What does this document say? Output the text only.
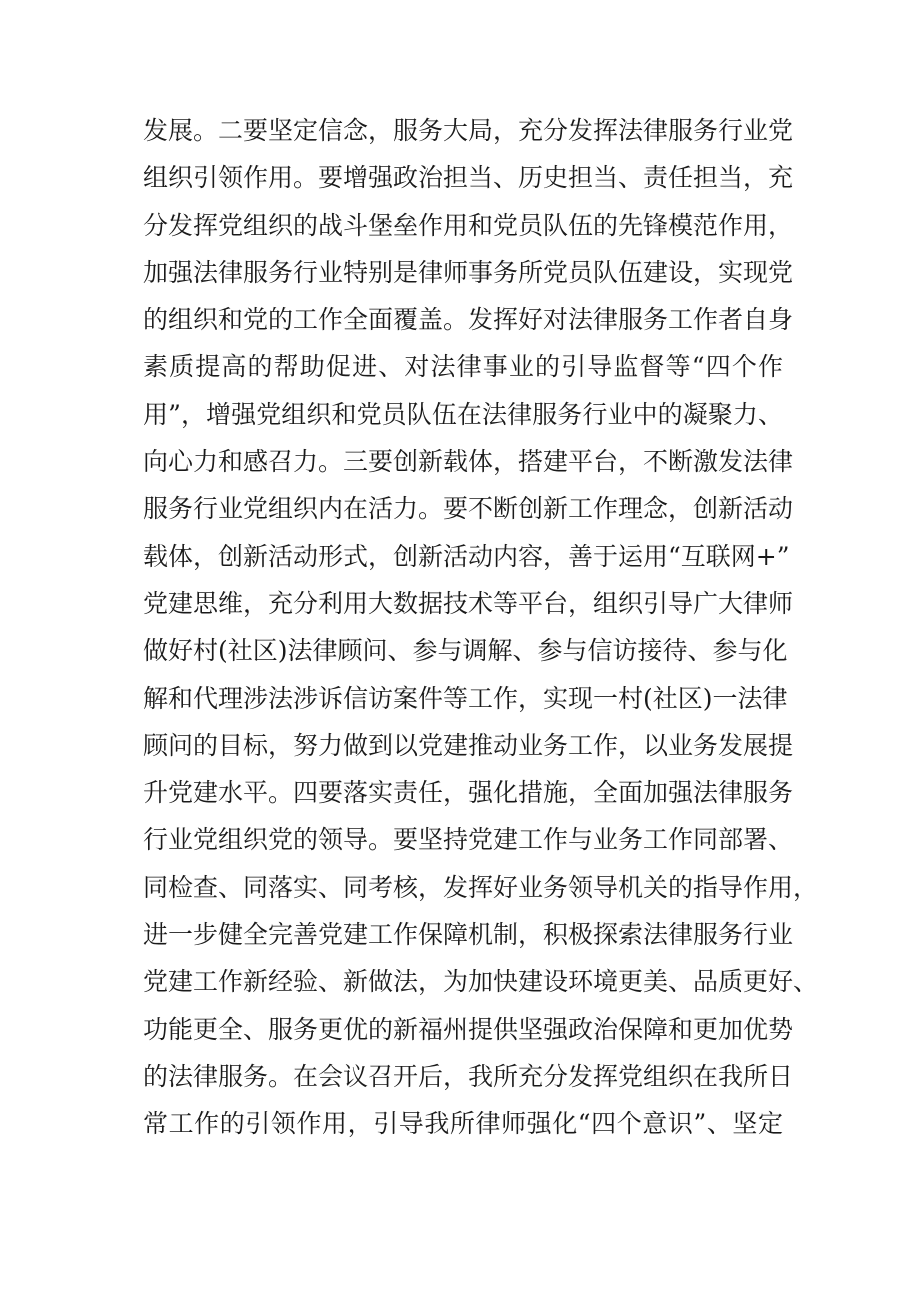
发展。二要坚定信念，服务大局，充分发挥法律服务行业党
组织引领作用。要增强政治担当、历史担当、责任担当，充
分发挥党组织的战斗堡垒作用和党员队伍的先锋模范作用，
加强法律服务行业特别是律师事务所党员队伍建设，实现党
的组织和党的工作全面覆盖。发挥好对法律服务工作者自身
素质提高的帮助促进、对法律事业的引导监督等“四个作
用”，增强党组织和党员队伍在法律服务行业中的凝聚力、
向心力和感召力。三要创新载体，搭建平台，不断激发法律
服务行业党组织内在活力。要不断创新工作理念，创新活动
载体，创新活动形式，创新活动内容，善于运用“互联网+”
党建思维，充分利用大数据技术等平台，组织引导广大律师
做好村(社区)法律顾问、参与调解、参与信访接待、参与化
解和代理涉法涉诉信访案件等工作，实现一村(社区)一法律
顾问的目标，努力做到以党建推动业务工作，以业务发展提
升党建水平。四要落实责任，强化措施，全面加强法律服务
行业党组织党的领导。要坚持党建工作与业务工作同部署、
同检查、同落实、同考核，发挥好业务领导机关的指导作用，
进一步健全完善党建工作保障机制，积极探索法律服务行业
党建工作新经验、新做法，为加快建设环境更美、品质更好、
功能更全、服务更优的新福州提供坚强政治保障和更加优势
的法律服务。在会议召开后，我所充分发挥党组织在我所日
常工作的引领作用，引导我所律师强化“四个意识”、坚定
